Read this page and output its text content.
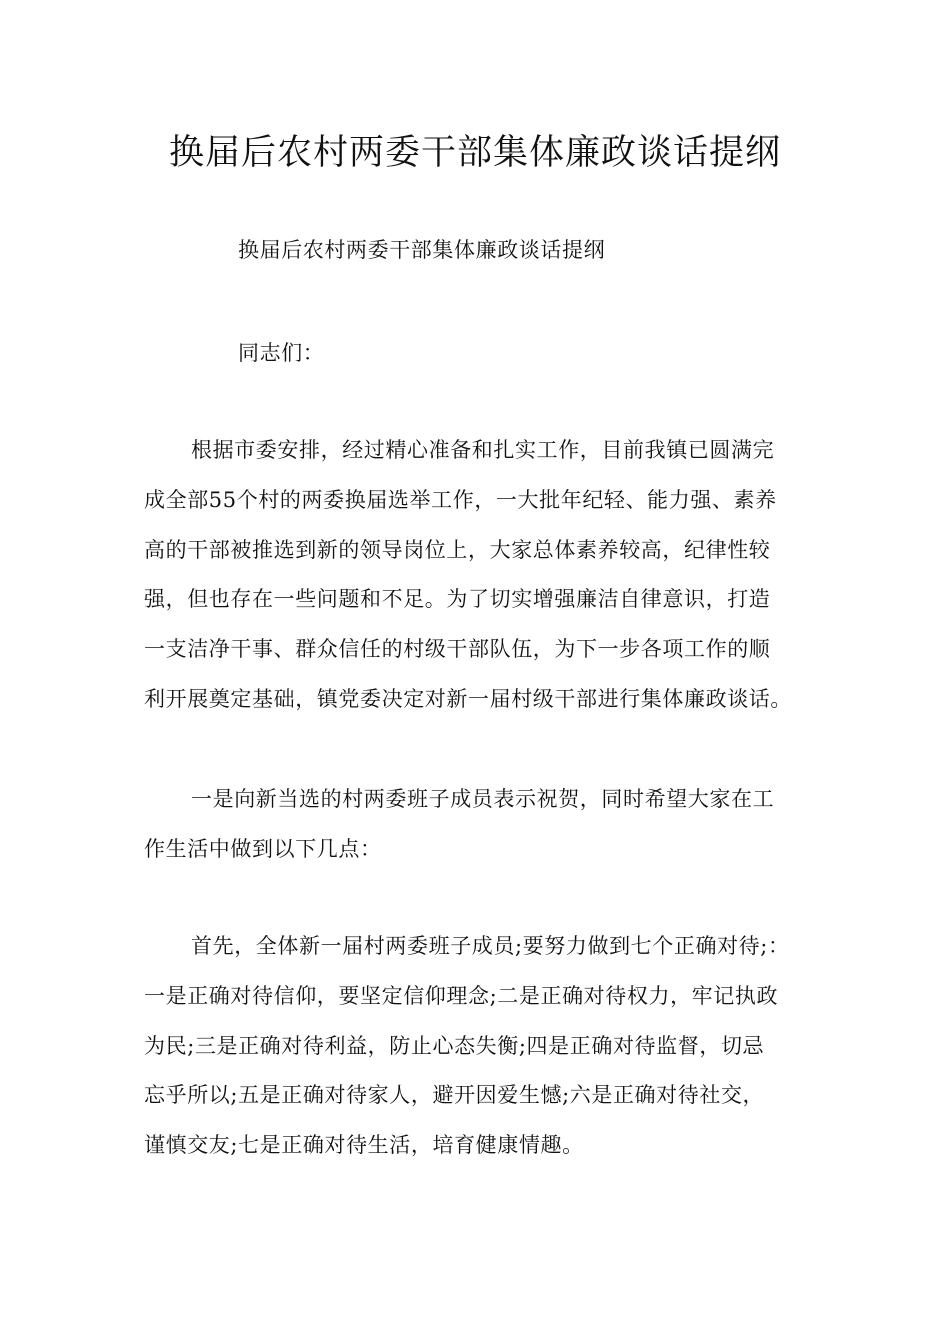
换届后农村两委干部集体廉政谈话提纲
换届后农村两委干部集体廉政谈话提纲
同志们：
根据市委安排，经过精心准备和扎实工作，目前我镇已圆满完
成全部55个村的两委换届选举工作，一大批年纪轻、能力强、素养
高的干部被推选到新的领导岗位上，大家总体素养较高，纪律性较
强，但也存在一些问题和不足。为了切实增强廉洁自律意识，打造
一支洁净干事、群众信任的村级干部队伍，为下一步各项工作的顺
利开展奠定基础，镇党委决定对新一届村级干部进行集体廉政谈话。
一是向新当选的村两委班子成员表示祝贺，同时希望大家在工
作生活中做到以下几点：
首先，全体新一届村两委班子成员;要努力做到七个正确对待;：
一是正确对待信仰，要坚定信仰理念;二是正确对待权力，牢记执政
为民;三是正确对待利益，防止心态失衡;四是正确对待监督，切忌
忘乎所以;五是正确对待家人，避开因爱生憾;六是正确对待社交，
谨慎交友;七是正确对待生活，培育健康情趣。
